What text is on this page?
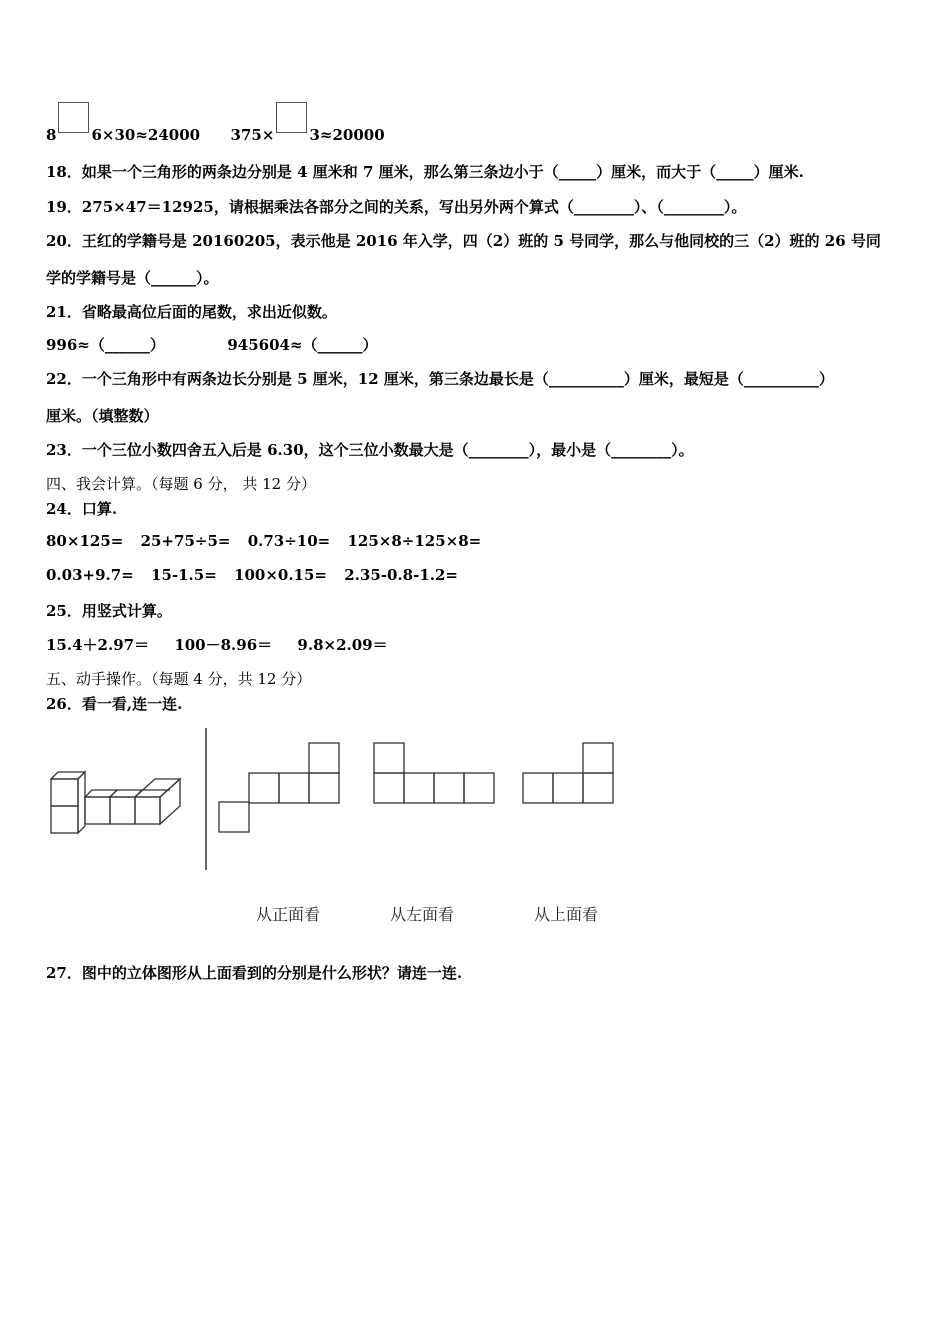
8 6×30≈24000 375× 3≈20000
18．如果一个三角形的两条边分别是 4 厘米和 7 厘米，那么第三条边小于（_____）厘米，而大于（_____）厘米.
19．275×47＝12925，请根据乘法各部分之间的关系，写出另外两个算式（________）、（________）。
20．王红的学籍号是 20160205，表示他是 2016 年入学，四（2）班的 5 号同学，那么与他同校的三（2）班的 26 号同
学的学籍号是（______）。
21．省略最高位后面的尾数，求出近似数。
996≈（______）	945604≈（______）
22．一个三角形中有两条边长分别是 5 厘米，12 厘米，第三条边最长是（__________）厘米，最短是（__________）
厘米。（填整数）
23．一个三位小数四舍五入后是 6.30，这个三位小数最大是（________），最小是（________）。
四、我会计算。（每题 6 分， 共 12 分）
24．口算.
80×125= 25+75÷5= 0.73÷10= 125×8÷125×8=
0.03+9.7= 15-1.5= 100×0.15= 2.35-0.8-1.2=
25．用竖式计算。
15.4＋2.97＝ 100－8.96＝ 9.8×2.09＝
五、动手操作。（每题 4 分，共 12 分）
26．看一看,连一连.
从正面看	从左面看	从上面看
27．图中的立体图形从上面看到的分别是什么形状？请连一连.
